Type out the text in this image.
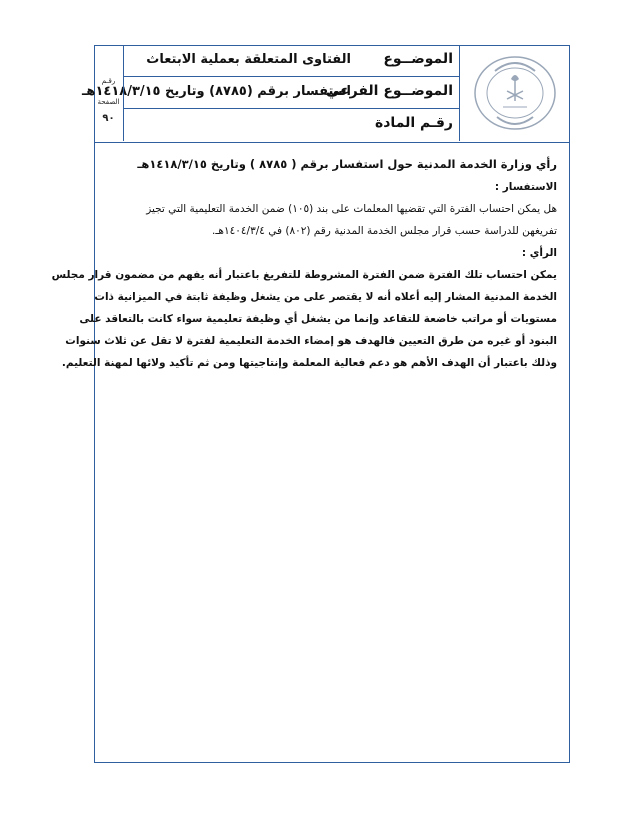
الموضــوع
الفتاوى المتعلقة بعملية الابتعاث
الموضــوع الفرعي
استفسار برقم (٨٧٨٥) وتاريخ ١٤١٨/٣/١٥هـ
رقـم المادة
رقـم
الصفحة
٩٠

رأي وزارة الخدمة المدنية حول استفسار برقم ( ٨٧٨٥ ) وتاريخ ١٤١٨/٣/١٥هـ

الاستفسار :

هل يمكن احتساب الفترة التي تقضيها المعلمات على بند (١٠٥) ضمن الخدمة التعليمية التي تجيز

تفريغهن للدراسة حسب قرار مجلس الخدمة المدنية رقم (٨٠٢) في ١٤٠٤/٣/٤هـ.

الرأي :

يمكن احتساب تلك الفترة ضمن الفترة المشروطة للتفريغ باعتبار أنه يفهم من مضمون قرار مجلس

الخدمة المدنية المشار إليه أعلاه أنه لا يقتصر على من يشغل وظيفة ثابتة في الميزانية ذات

مستويات أو مراتب خاضعة للتقاعد وإنما من يشغل أي وظيفة تعليمية سواء كانت بالتعاقد على

البنود أو غيره من طرق التعيين فالهدف هو إمضاء الخدمة التعليمية لفترة لا تقل عن ثلاث سنوات

وذلك باعتبار أن الهدف الأهم هو دعم فعالية المعلمة وإنتاجيتها ومن ثم تأكيد ولائها لمهنة التعليم.
